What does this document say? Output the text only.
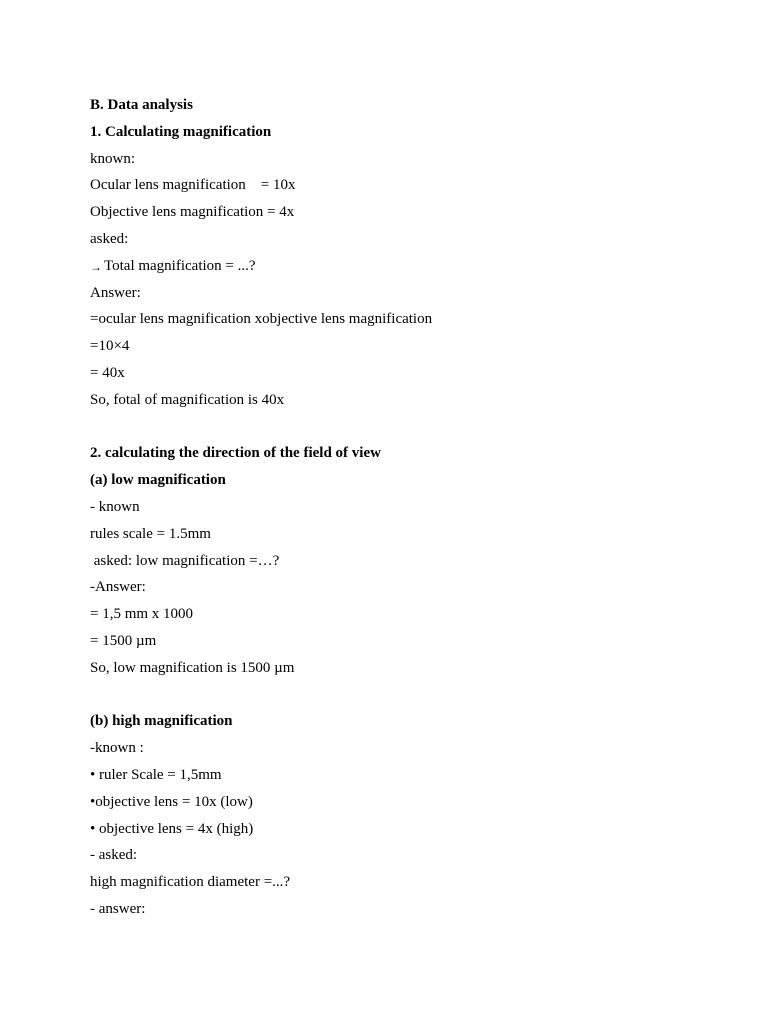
B. Data analysis
1. Calculating magnification
known:
Ocular lens magnification    = 10x
Objective lens magnification = 4x
asked:
→ Total magnification = ...?
Answer:
=ocular lens magnification xobjective lens magnification
=10×4
= 40x
So, fotal of magnification is 40x
2. calculating the direction of the field of view
(a) low magnification
- known
rules scale = 1.5mm
asked: low magnification =…?
-Answer:
= 1,5 mm x 1000
= 1500 µm
So, low magnification is 1500 µm
(b) high magnification
-known :
• ruler Scale = 1,5mm
•objective lens = 10x (low)
• objective lens = 4x (high)
- asked:
high magnification diameter =...?
- answer:
